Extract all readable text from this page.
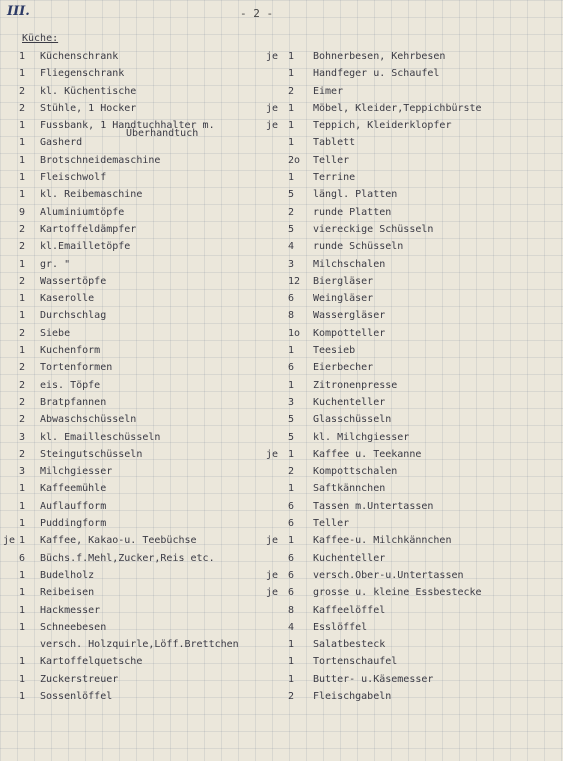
III.	- 2 -
Küche:
1 Küchenschrank
1 Fliegenschrank
2 kl. Küchentische
2 Stühle, 1 Hocker
1 Fussbank, 1 Handtuchhalter m.
Überhandtuch
1 Gasherd
1 Brotschneidemaschine
1 Fleischwolf
1 kl. Reibemaschine
9 Aluminiumtöpfe
2 Kartoffeldämpfer
2 kl.Emailletöpfe
1 gr. "
2 Wassertöpfe
1 Kaserolle
1 Durchschlag
2 Siebe
1 Kuchenform
2 Tortenformen
2 eis. Töpfe
2 Bratpfannen
2 Abwaschschüsseln
3 kl. Emailleschüsseln
2 Steingutschüsseln
3 Milchgiesser
1 Kaffeemühle
1 Auflaufform
1 Puddingform
je 1 Kaffee, Kakao-u. Teebüchse
6 Büchs.f.Mehl,Zucker,Reis etc.
1 Budelholz
1 Reibeisen
1 Hackmesser
1 Schneebesen
versch. Holzquirle,Löff.Brettchen
1 Kartoffelquetsche
1 Zuckerstreuer
1 Sossenlöffel
je 1 Bohnerbesen, Kehrbesen
1 Handfeger u. Schaufel
2 Eimer
je 1 Möbel, Kleider,Teppichbürste
je 1 Teppich, Kleiderklopfer
1 Tablett
2o Teller
1 Terrine
5 längl. Platten
2 runde Platten
5 viereckige Schüsseln
4 runde Schüsseln
3 Milchschalen
12 Biergläser
6 Weingläser
8 Wassergläser
1o Kompotteller
1 Teesieb
6 Eierbecher
1 Zitronenpresse
3 Kuchenteller
5 Glasschüsseln
5 kl. Milchgiesser
je 1 Kaffee u. Teekanne
2 Kompottschalen
1 Saftkännchen
6 Tassen m.Untertassen
6 Teller
je 1 Kaffee-u. Milchkännchen
6 Kuchenteller
je 6 versch.Ober-u.Untertassen
je 6 grosse u. kleine Essbestecke
8 Kaffeelöffel
4 Esslöffel
1 Salatbesteck
1 Tortenschaufel
1 Butter- u.Käsemesser
2 Fleischgabeln
